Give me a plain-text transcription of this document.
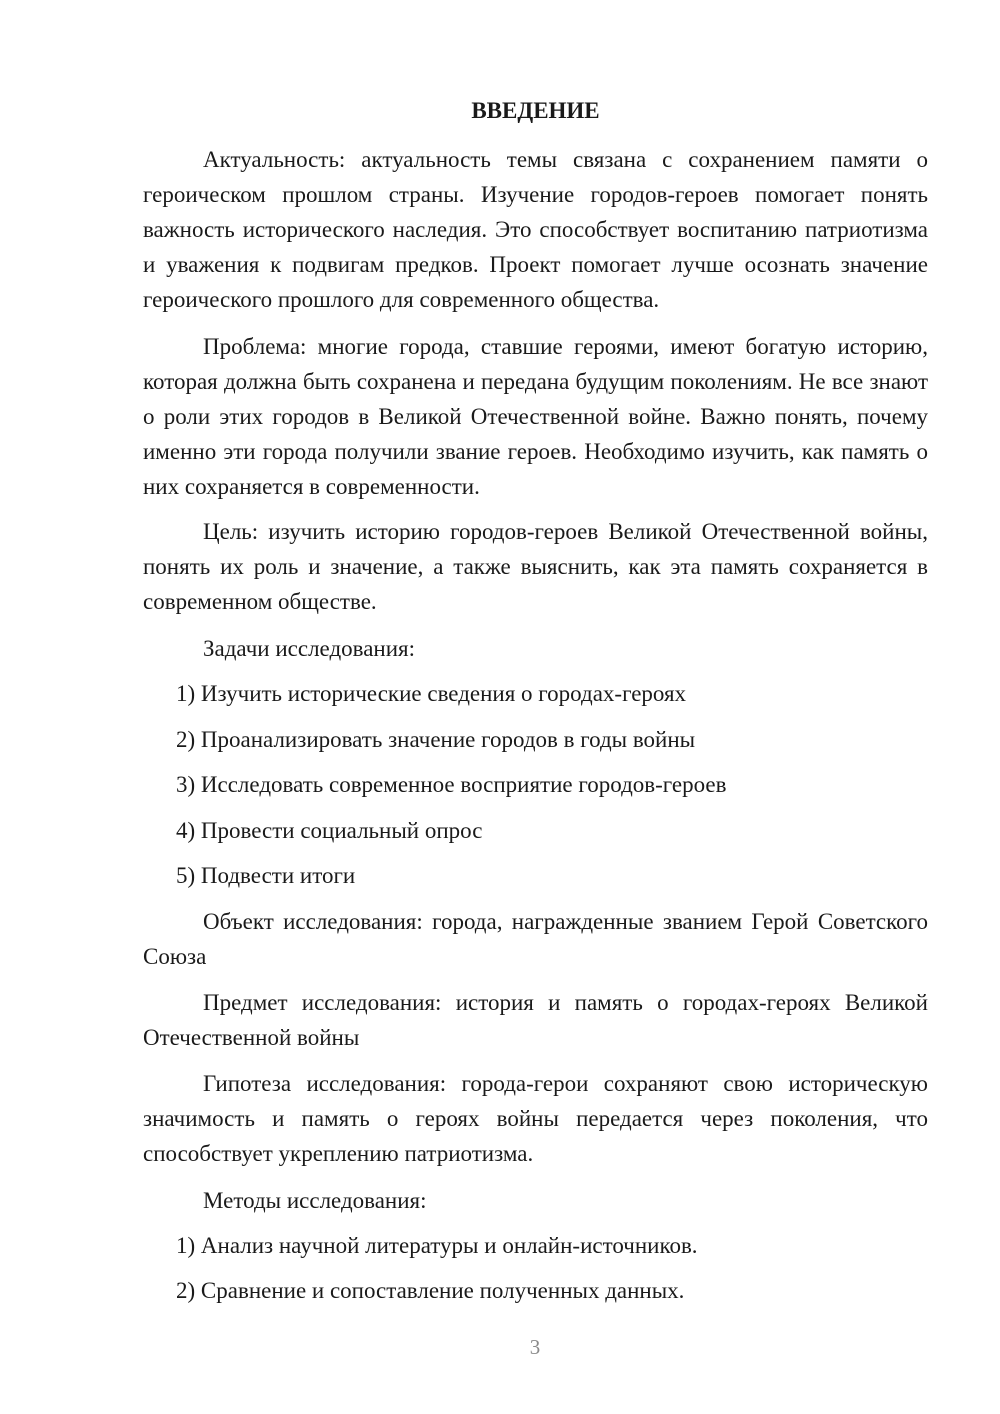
ВВЕДЕНИЕ

Актуальность: актуальность темы связана с сохранением памяти о героическом прошлом страны. Изучение городов-героев помогает понять важность исторического наследия. Это способствует воспитанию патриотизма и уважения к подвигам предков. Проект помогает лучше осознать значение героического прошлого для современного общества.

Проблема: многие города, ставшие героями, имеют богатую историю, которая должна быть сохранена и передана будущим поколениям. Не все знают о роли этих городов в Великой Отечественной войне. Важно понять, почему именно эти города получили звание героев. Необходимо изучить, как память о них сохраняется в современности.

Цель: изучить историю городов-героев Великой Отечественной войны, понять их роль и значение, а также выяснить, как эта память сохраняется в современном обществе.

Задачи исследования:

1) Изучить исторические сведения о городах-героях

2) Проанализировать значение городов в годы войны

3) Исследовать современное восприятие городов-героев

4) Провести социальный опрос

5) Подвести итоги

Объект исследования: города, награжденные званием Герой Советского Союза

Предмет исследования: история и память о городах-героях Великой Отечественной войны

Гипотеза исследования: города-герои сохраняют свою историческую значимость и память о героях войны передается через поколения, что способствует укреплению патриотизма.

Методы исследования:

1) Анализ научной литературы и онлайн-источников.

2) Сравнение и сопоставление полученных данных.

3
